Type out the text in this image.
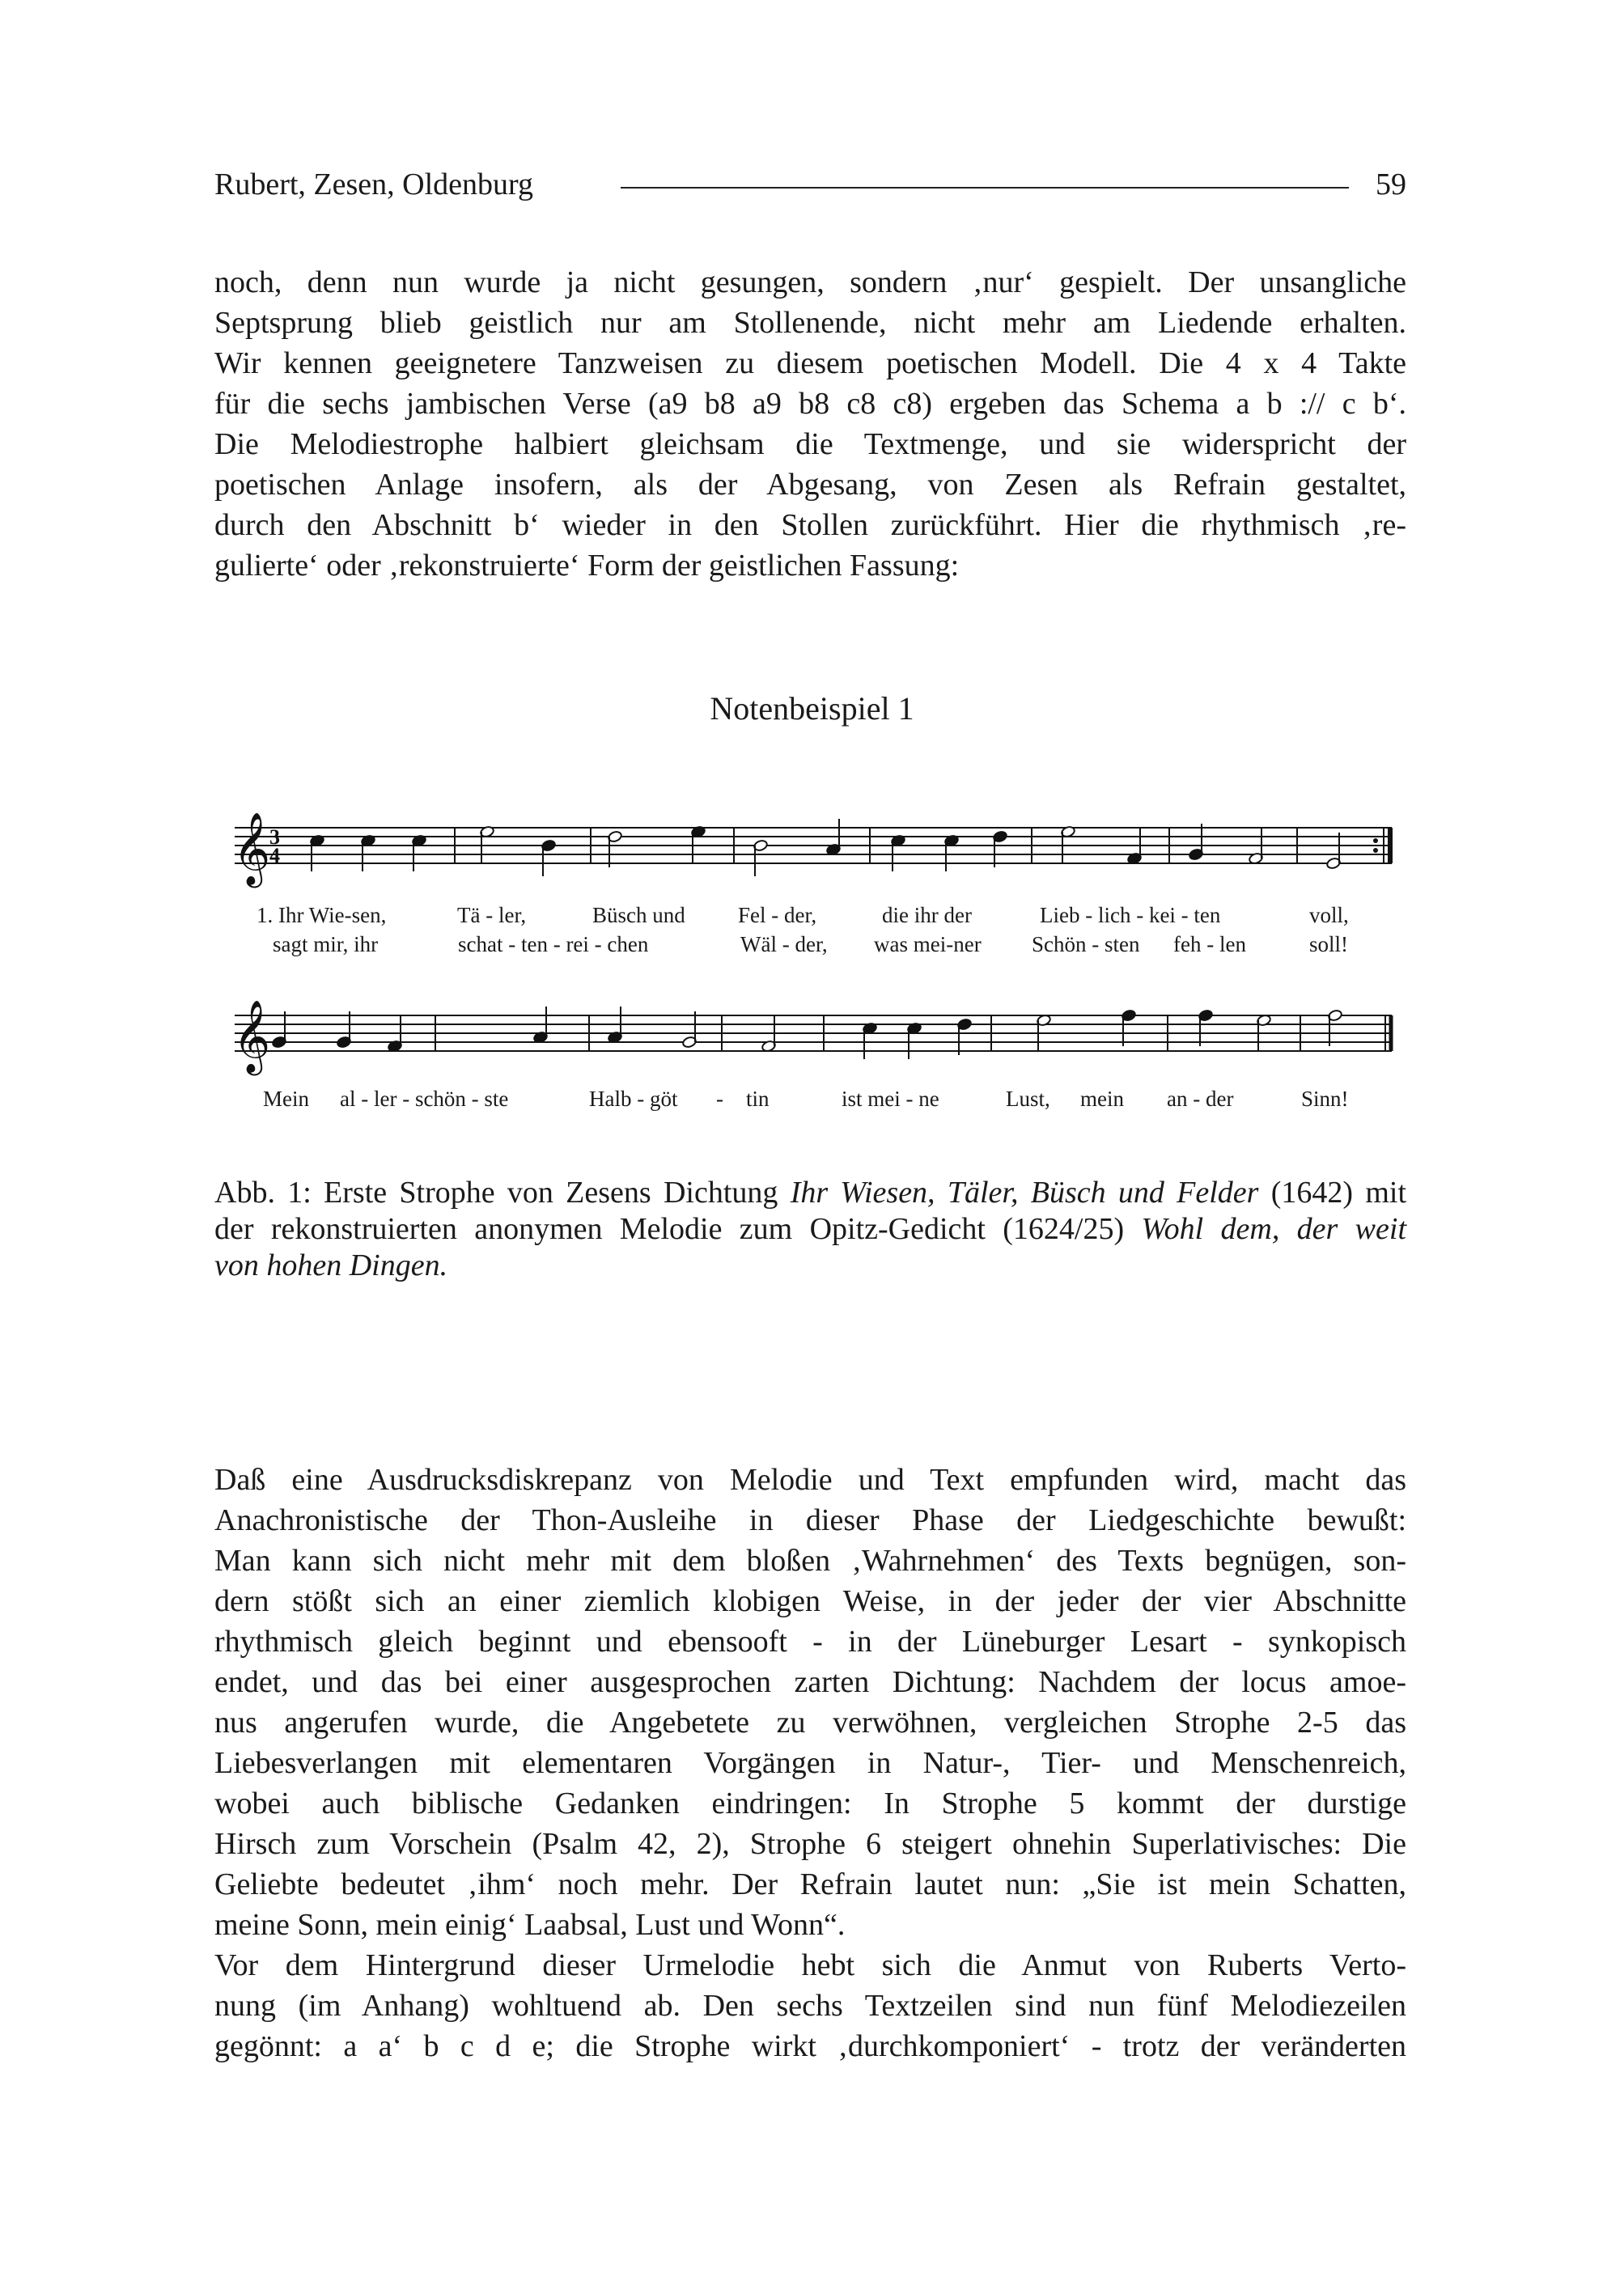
Rubert, Zesen, Oldenburg	59
noch, denn nun wurde ja nicht gesungen, sondern ‚nur‘ gespielt. Der unsangliche
Septsprung blieb geistlich nur am Stollenende, nicht mehr am Liedende erhalten.
Wir kennen geeignetere Tanzweisen zu diesem poetischen Modell. Die 4 x 4 Takte
für die sechs jambischen Verse (a9 b8 a9 b8 c8 c8) ergeben das Schema a b :// c b‘.
Die Melodiestrophe halbiert gleichsam die Textmenge, und sie widerspricht der
poetischen Anlage insofern, als der Abgesang, von Zesen als Refrain gestaltet,
durch den Abschnitt b‘ wieder in den Stollen zurückführt. Hier die rhythmisch ‚re-
gulierte‘ oder ‚rekonstruierte‘ Form der geistlichen Fassung:
Notenbeispiel 1
𝄞
3
4
𝄞
1. Ihr Wie-sen,	Tä - ler,	Büsch und Fel - der,	die ihr der	Lieb - lich - kei - ten	voll,
sagt mir, ihr	schat - ten - rei - chen	Wäl - der, was mei-ner Schön - sten feh - len	soll!
Mein al - ler - schön - ste	Halb - göt - tin	ist mei - ne	Lust, mein an - der	Sinn!
Abb. 1: Erste Strophe von Zesens Dichtung Ihr Wiesen, Täler, Büsch und Felder (1642) mit
der rekonstruierten anonymen Melodie zum Opitz-Gedicht (1624/25) Wohl dem, der weit
von hohen Dingen.
Daß eine Ausdrucksdiskrepanz von Melodie und Text empfunden wird, macht das
Anachronistische der Thon-Ausleihe in dieser Phase der Liedgeschichte bewußt:
Man kann sich nicht mehr mit dem bloßen ‚Wahrnehmen‘ des Texts begnügen, son-
dern stößt sich an einer ziemlich klobigen Weise, in der jeder der vier Abschnitte
rhythmisch gleich beginnt und ebensooft - in der Lüneburger Lesart - synkopisch
endet, und das bei einer ausgesprochen zarten Dichtung: Nachdem der locus amoe-
nus angerufen wurde, die Angebetete zu verwöhnen, vergleichen Strophe 2-5 das
Liebesverlangen mit elementaren Vorgängen in Natur-, Tier- und Menschenreich,
wobei auch biblische Gedanken eindringen: In Strophe 5 kommt der durstige
Hirsch zum Vorschein (Psalm 42, 2), Strophe 6 steigert ohnehin Superlativisches: Die
Geliebte bedeutet ‚ihm‘ noch mehr. Der Refrain lautet nun: „Sie ist mein Schatten,
meine Sonn, mein einig‘ Laabsal, Lust und Wonn“.
Vor dem Hintergrund dieser Urmelodie hebt sich die Anmut von Ruberts Verto-
nung (im Anhang) wohltuend ab. Den sechs Textzeilen sind nun fünf Melodiezeilen
gegönnt: a a‘ b c d e; die Strophe wirkt ‚durchkomponiert‘ - trotz der veränderten
